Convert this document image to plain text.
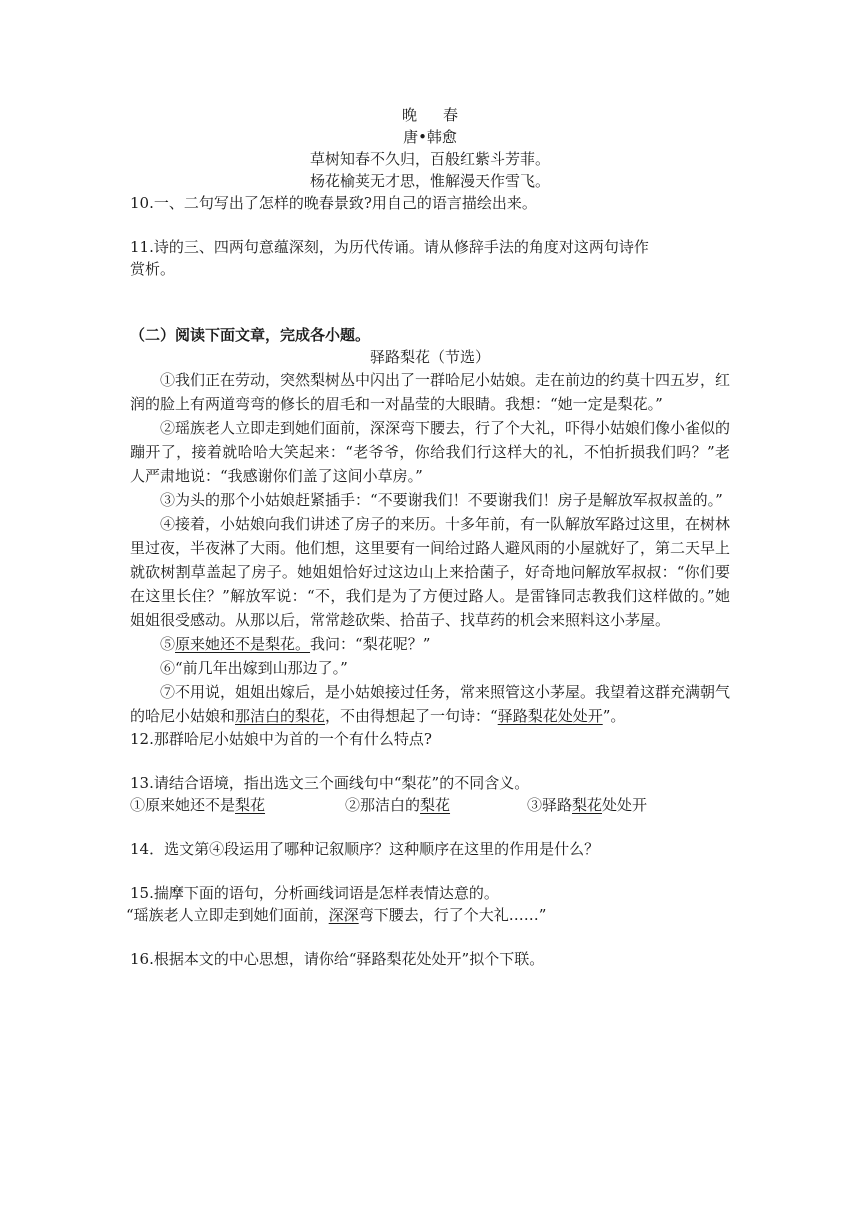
晚 春

唐•韩愈

草树知春不久归，百般红紫斗芳菲。

杨花榆荚无才思，惟解漫天作雪飞。

10.一、二句写出了怎样的晚春景致?用自己的语言描绘出来。

11.诗的三、四两句意蕴深刻，为历代传诵。请从修辞手法的角度对这两句诗作

赏析。

（二）阅读下面文章，完成各小题。

驿路梨花（节选）

①我们正在劳动，突然梨树丛中闪出了一群哈尼小姑娘。走在前边的约莫十四五岁，红润的脸上有两道弯弯的修长的眉毛和一对晶莹的大眼睛。我想：“她一定是梨花。”

②瑶族老人立即走到她们面前，深深弯下腰去，行了个大礼，吓得小姑娘们像小雀似的蹦开了，接着就哈哈大笑起来：“老爷爷，你给我们行这样大的礼，不怕折损我们吗？”老人严肃地说：“我感谢你们盖了这间小草房。”

③为头的那个小姑娘赶紧插手：“不要谢我们！不要谢我们！房子是解放军叔叔盖的。”

④接着，小姑娘向我们讲述了房子的来历。十多年前，有一队解放军路过这里，在树林里过夜，半夜淋了大雨。他们想，这里要有一间给过路人避风雨的小屋就好了，第二天早上就砍树割草盖起了房子。她姐姐恰好过这边山上来拾菌子，好奇地问解放军叔叔：“你们要在这里长住？”解放军说：“不，我们是为了方便过路人。是雷锋同志教我们这样做的。”她姐姐很受感动。从那以后，常常趁砍柴、拾苗子、找草药的机会来照料这小茅屋。

⑤原来她还不是梨花。我问：“梨花呢？”

⑥“前几年出嫁到山那边了。”

⑦不用说，姐姐出嫁后，是小姑娘接过任务，常来照管这小茅屋。我望着这群充满朝气的哈尼小姑娘和那洁白的梨花，不由得想起了一句诗：“驿路梨花处处开”。

12.那群哈尼小姑娘中为首的一个有什么特点?

13.请结合语境，指出选文三个画线句中“梨花”的不同含义。

①原来她还不是梨花	②那洁白的梨花	③驿路梨花处处开

14．选文第④段运用了哪种记叙顺序？这种顺序在这里的作用是什么？

15.揣摩下面的语句，分析画线词语是怎样表情达意的。

“瑶族老人立即走到她们面前，深深弯下腰去，行了个大礼……”

16.根据本文的中心思想，请你给“驿路梨花处处开”拟个下联。
